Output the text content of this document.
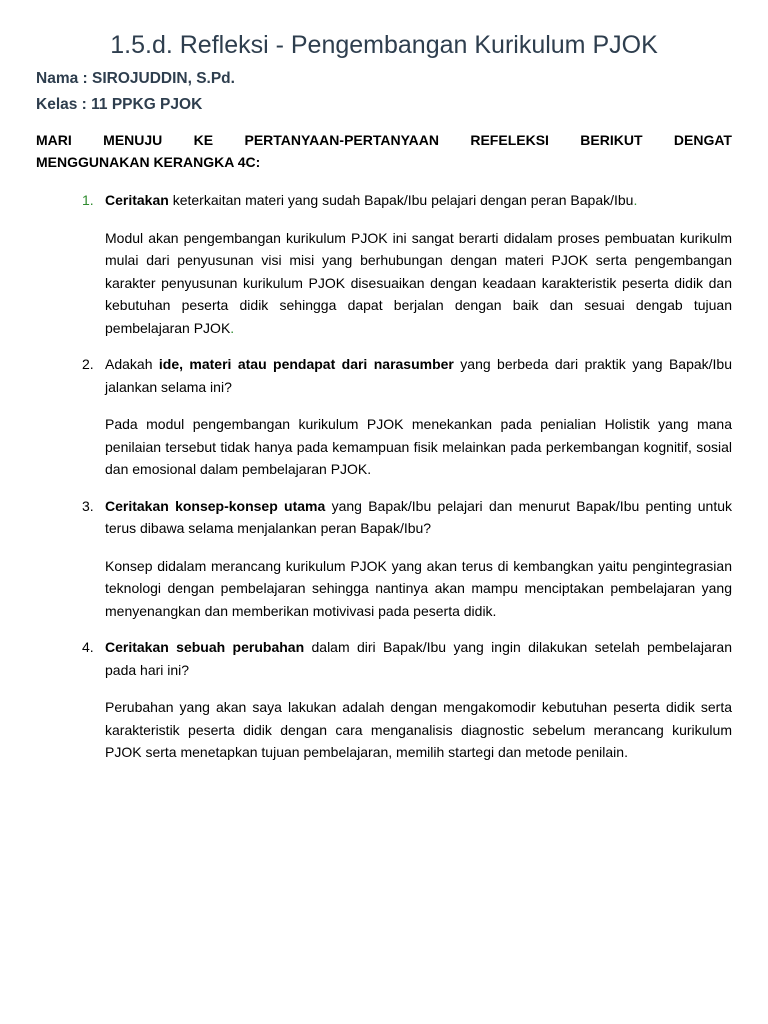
1.5.d. Refleksi - Pengembangan Kurikulum PJOK

Nama : SIROJUDDIN, S.Pd.

Kelas : 11 PPKG PJOK

MARI MENUJU KE PERTANYAAN-PERTANYAAN REFELEKSI BERIKUT DENGAT
MENGGUNAKAN KERANGKA 4C:

1. Ceritakan keterkaitan materi yang sudah Bapak/Ibu pelajari dengan peran Bapak/Ibu.

Modul akan pengembangan kurikulum PJOK ini sangat berarti didalam proses pembuatan kurikulm mulai dari penyusunan visi misi yang berhubungan dengan materi PJOK serta pengembangan karakter penyusunan kurikulum PJOK disesuaikan dengan keadaan karakteristik peserta didik dan kebutuhan peserta didik sehingga dapat berjalan dengan baik dan sesuai dengab tujuan pembelajaran PJOK.

2. Adakah ide, materi atau pendapat dari narasumber yang berbeda dari praktik yang Bapak/Ibu jalankan selama ini?

Pada modul pengembangan kurikulum PJOK menekankan pada penialian Holistik yang mana penilaian tersebut tidak hanya pada kemampuan fisik melainkan pada perkembangan kognitif, sosial dan emosional dalam pembelajaran PJOK.

3. Ceritakan konsep-konsep utama yang Bapak/Ibu pelajari dan menurut Bapak/Ibu penting untuk terus dibawa selama menjalankan peran Bapak/Ibu?

Konsep didalam merancang kurikulum PJOK yang akan terus di kembangkan yaitu pengintegrasian teknologi dengan pembelajaran sehingga nantinya akan mampu menciptakan pembelajaran yang menyenangkan dan memberikan motivivasi pada peserta didik.

4. Ceritakan sebuah perubahan dalam diri Bapak/Ibu yang ingin dilakukan setelah pembelajaran pada hari ini?

Perubahan yang akan saya lakukan adalah dengan mengakomodir kebutuhan peserta didik serta karakteristik peserta didik dengan cara menganalisis diagnostic sebelum merancang kurikulum PJOK serta menetapkan tujuan pembelajaran, memilih startegi dan metode penilain.
